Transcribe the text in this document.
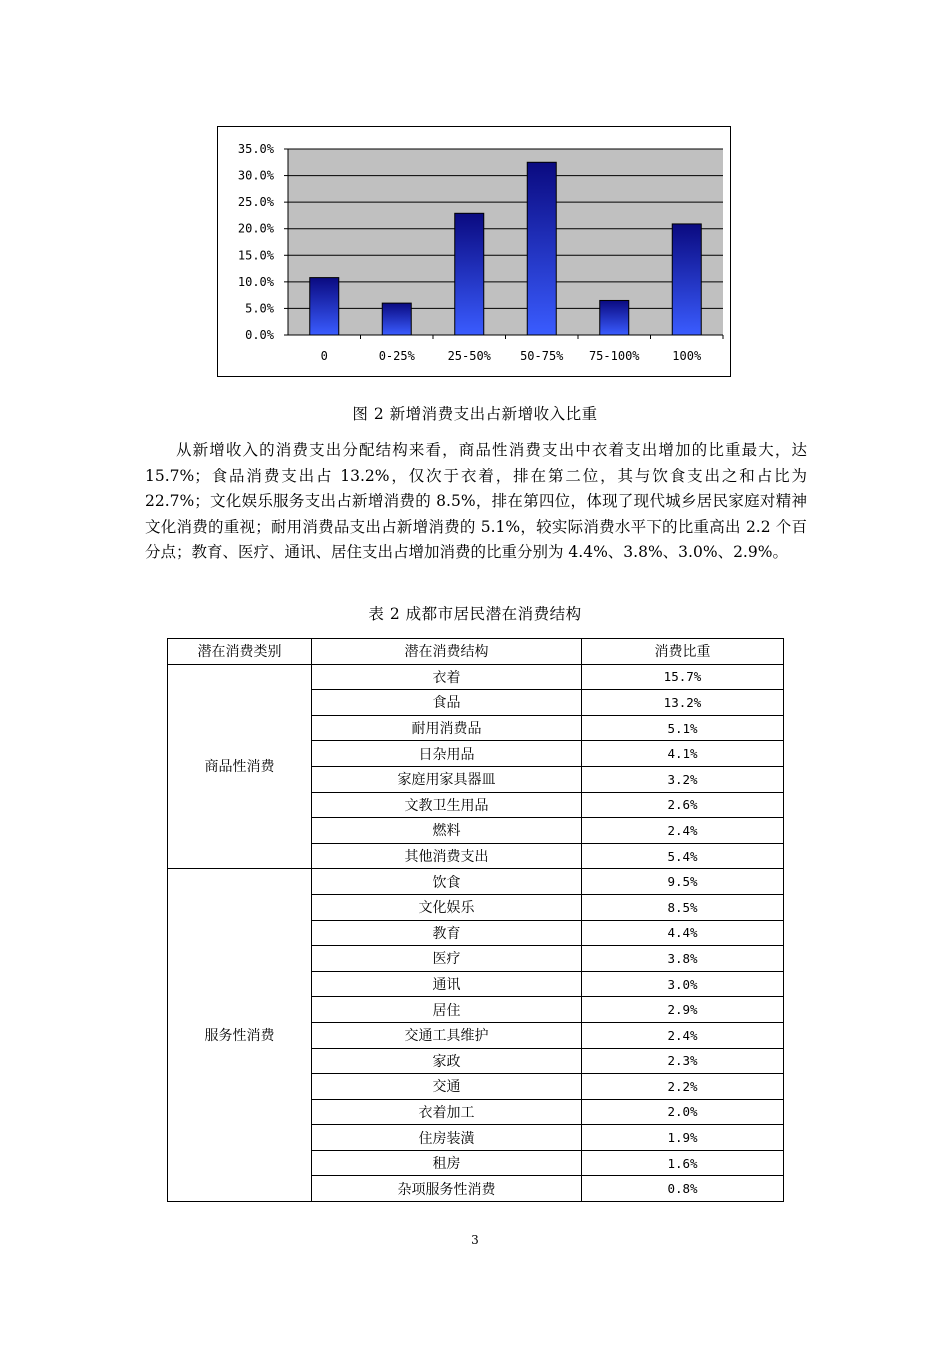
0.0%
5.0%
10.0%
15.0%
20.0%
25.0%
30.0%
35.0%
0	0-25%	25-50% 50-75% 75-100%	100%
图 2 新增消费支出占新增收入比重

从新增收入的消费支出分配结构来看，商品性消费支出中衣着支出增加的比重最大，达 15.7%；食品消费支出占 13.2%，仅次于衣着，排在第二位，其与饮食支出之和占比为 22.7%；文化娱乐服务支出占新增消费的 8.5%，排在第四位，体现了现代城乡居民家庭对精神文化消费的重视；耐用消费品支出占新增消费的 5.1%，较实际消费水平下的比重高出 2.2 个百分点；教育、医疗、通讯、居住支出占增加消费的比重分别为 4.4%、3.8%、3.0%、2.9%。

表 2 成都市居民潜在消费结构
潜在消费类别	潜在消费结构	消费比重
商品性消费	衣着	15.7%
	食品	13.2%
	耐用消费品	5.1%
	日杂用品	4.1%
	家庭用家具器皿	3.2%
	文教卫生用品	2.6%
	燃料	2.4%
	其他消费支出	5.4%
服务性消费	饮食	9.5%
	文化娱乐	8.5%
	教育	4.4%
	医疗	3.8%
	通讯	3.0%
	居住	2.9%
	交通工具维护	2.4%
	家政	2.3%
	交通	2.2%
	衣着加工	2.0%
	住房装潢	1.9%
	租房	1.6%
	杂项服务性消费	0.8%
3
